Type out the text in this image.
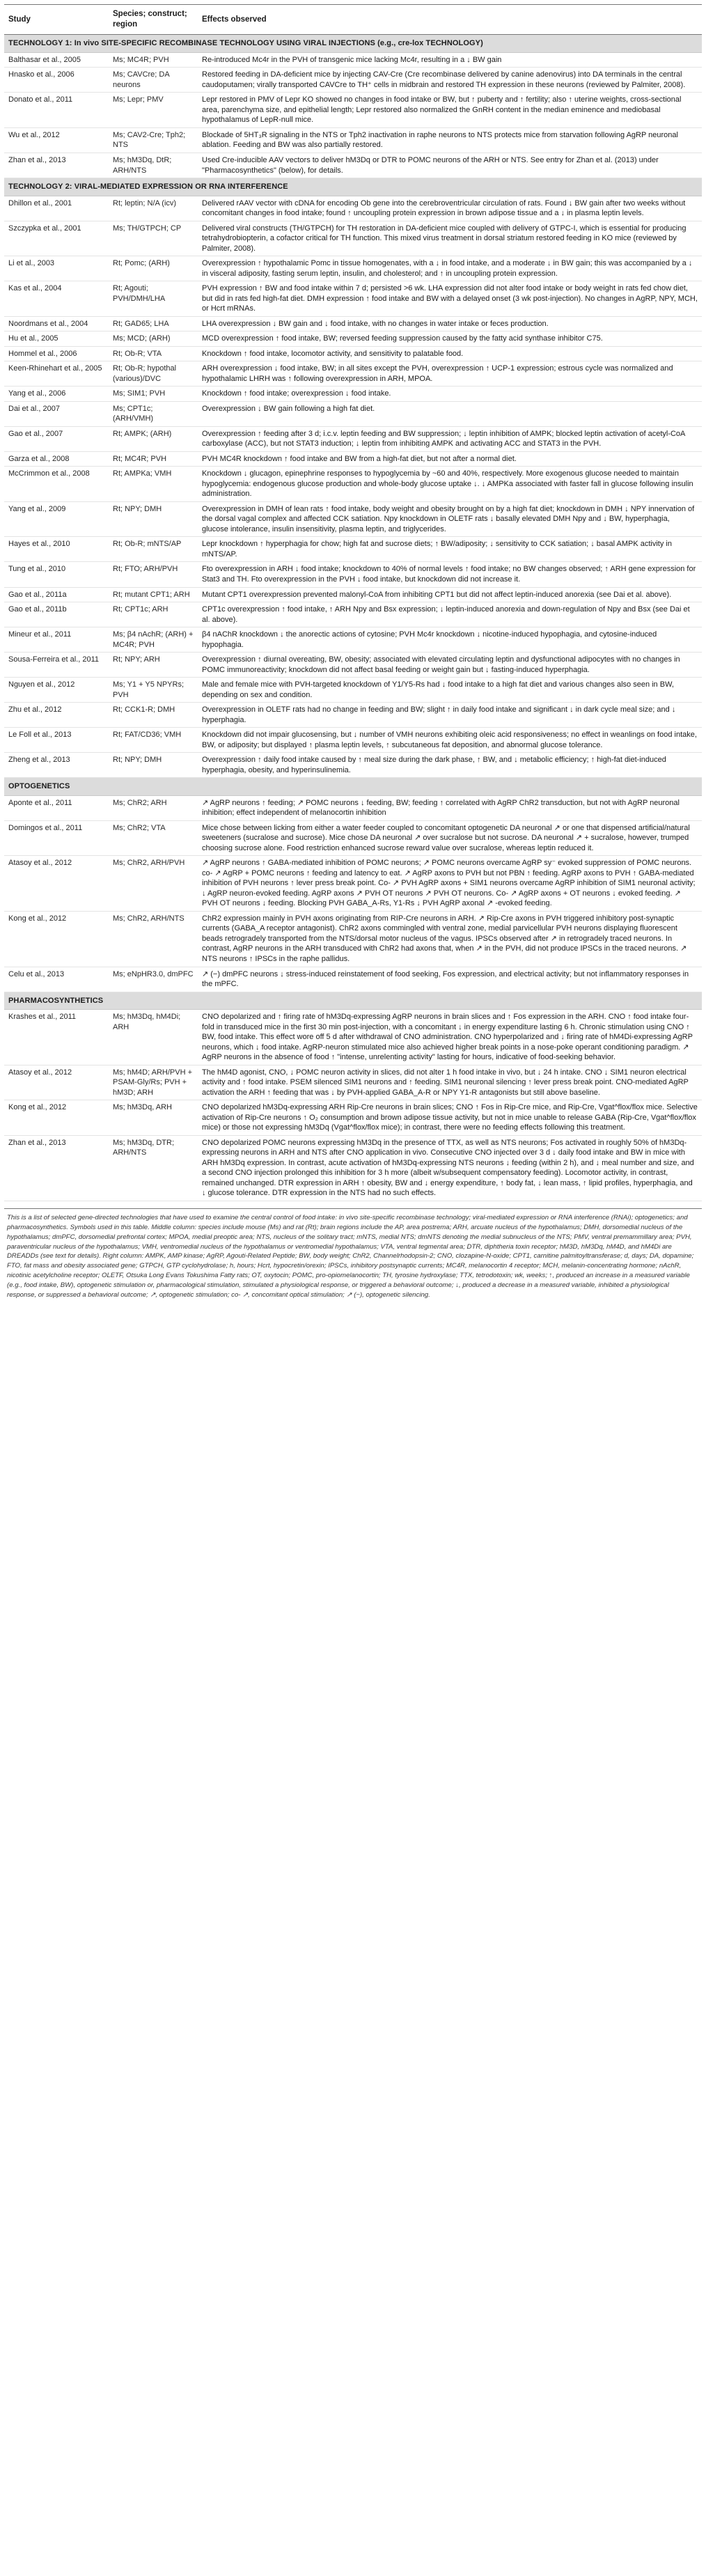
Study	Species; construct; region	Effects observed
TECHNOLOGY 1: In vivo SITE-SPECIFIC RECOMBINASE TECHNOLOGY USING VIRAL INJECTIONS (e.g., cre-lox TECHNOLOGY)		
Balthasar et al., 2005	Ms; MC4R; PVH	Re-introduced Mc4r in the PVH of transgenic mice lacking Mc4r, resulting in a ↓ BW gain
Hnasko et al., 2006	Ms; CAVCre; DA neurons	Restored feeding in DA-deficient mice by injecting CAV-Cre (Cre recombinase delivered by canine adenovirus) into DA terminals in the central caudoputamen; virally transported CAVCre to TH⁺ cells in midbrain and restored TH expression in these neurons (reviewed by Palmiter, 2008).
Donato et al., 2011	Ms; Lepr; PMV	Lepr restored in PMV of Lepr KO showed no changes in food intake or BW, but ↑ puberty and ↑ fertility; also ↑ uterine weights, cross-sectional area, parenchyma size, and epithelial length; Lepr restored also normalized the GnRH content in the median eminence and mediobasal hypothalamus of LepR-null mice.
Wu et al., 2012	Ms; CAV2-Cre; Tph2; NTS	Blockade of 5HT₃R signaling in the NTS or Tph2 inactivation in raphe neurons to NTS protects mice from starvation following AgRP neuronal ablation. Feeding and BW was also partially restored.
Zhan et al., 2013	Ms; hM3Dq, DtR; ARH/NTS	Used Cre-inducible AAV vectors to deliver hM3Dq or DTR to POMC neurons of the ARH or NTS. See entry for Zhan et al. (2013) under "Pharmacosynthetics" (below), for details.
TECHNOLOGY 2: VIRAL-MEDIATED EXPRESSION OR RNA INTERFERENCE		
Dhillon et al., 2001	Rt; leptin; N/A (icv)	Delivered rAAV vector with cDNA for encoding Ob gene into the cerebroventricular circulation of rats. Found ↓ BW gain after two weeks without concomitant changes in food intake; found ↑ uncoupling protein expression in brown adipose tissue and a ↓ in plasma leptin levels.
Szczypka et al., 2001	Ms; TH/GTPCH; CP	Delivered viral constructs (TH/GTPCH) for TH restoration in DA-deficient mice coupled with delivery of GTPC-I, which is essential for producing tetrahydrobiopterin, a cofactor critical for TH function. This mixed virus treatment in dorsal striatum restored feeding in KO mice (reviewed by Palmiter, 2008).
Li et al., 2003	Rt; Pomc; (ARH)	Overexpression ↑ hypothalamic Pomc in tissue homogenates, with a ↓ in food intake, and a moderate ↓ in BW gain; this was accompanied by a ↓ in visceral adiposity, fasting serum leptin, insulin, and cholesterol; and ↑ in uncoupling protein expression.
Kas et al., 2004	Rt; Agouti; PVH/DMH/LHA	PVH expression ↑ BW and food intake within 7 d; persisted >6 wk. LHA expression did not alter food intake or body weight in rats fed chow diet, but did in rats fed high-fat diet. DMH expression ↑ food intake and BW with a delayed onset (3 wk post-injection). No changes in AgRP, NPY, MCH, or Hcrt mRNAs.
Noordmans et al., 2004	Rt; GAD65; LHA	LHA overexpression ↓ BW gain and ↓ food intake, with no changes in water intake or feces production.
Hu et al., 2005	Ms; MCD; (ARH)	MCD overexpression ↑ food intake, BW; reversed feeding suppression caused by the fatty acid synthase inhibitor C75.
Hommel et al., 2006	Rt; Ob-R; VTA	Knockdown ↑ food intake, locomotor activity, and sensitivity to palatable food.
Keen-Rhinehart et al., 2005	Rt; Ob-R; hypothal (various)/DVC	ARH overexpression ↓ food intake, BW; in all sites except the PVH, overexpression ↑ UCP-1 expression; estrous cycle was normalized and hypothalamic LHRH was ↑ following overexpression in ARH, MPOA.
Yang et al., 2006	Ms; SIM1; PVH	Knockdown ↑ food intake; overexpression ↓ food intake.
Dai et al., 2007	Ms; CPT1c; (ARH/VMH)	Overexpression ↓ BW gain following a high fat diet.
Gao et al., 2007	Rt; AMPK; (ARH)	Overexpression ↑ feeding after 3 d; i.c.v. leptin feeding and BW suppression; ↓ leptin inhibition of AMPK; blocked leptin activation of acetyl-CoA carboxylase (ACC), but not STAT3 induction; ↓ leptin from inhibiting AMPK and activating ACC and STAT3 in the PVH.
Garza et al., 2008	Rt; MC4R; PVH	PVH MC4R knockdown ↑ food intake and BW from a high-fat diet, but not after a normal diet.
McCrimmon et al., 2008	Rt; AMPKa; VMH	Knockdown ↓ glucagon, epinephrine responses to hypoglycemia by ~60 and 40%, respectively. More exogenous glucose needed to maintain hypoglycemia: endogenous glucose production and whole-body glucose uptake ↓. ↓ AMPKa associated with faster fall in glucose following insulin administration.
Yang et al., 2009	Rt; NPY; DMH	Overexpression in DMH of lean rats ↑ food intake, body weight and obesity brought on by a high fat diet; knockdown in DMH ↓ NPY innervation of the dorsal vagal complex and affected CCK satiation. Npy knockdown in OLETF rats ↓ basally elevated DMH Npy and ↓ BW, hyperphagia, glucose intolerance, insulin insensitivity, plasma leptin, and triglycerides.
Hayes et al., 2010	Rt; Ob-R; mNTS/AP	Lepr knockdown ↑ hyperphagia for chow; high fat and sucrose diets; ↑ BW/adiposity; ↓ sensitivity to CCK satiation; ↓ basal AMPK activity in mNTS/AP.
Tung et al., 2010	Rt; FTO; ARH/PVH	Fto overexpression in ARH ↓ food intake; knockdown to 40% of normal levels ↑ food intake; no BW changes observed; ↑ ARH gene expression for Stat3 and TH. Fto overexpression in the PVH ↓ food intake, but knockdown did not increase it.
Gao et al., 2011a	Rt; mutant CPT1; ARH	Mutant CPT1 overexpression prevented malonyl-CoA from inhibiting CPT1 but did not affect leptin-induced anorexia (see Dai et al. above).
Gao et al., 2011b	Rt; CPT1c; ARH	CPT1c overexpression ↑ food intake, ↑ ARH Npy and Bsx expression; ↓ leptin-induced anorexia and down-regulation of Npy and Bsx (see Dai et al. above).
Mineur et al., 2011	Ms; β4 nAchR; (ARH) + MC4R; PVH	β4 nAChR knockdown ↓ the anorectic actions of cytosine; PVH Mc4r knockdown ↓ nicotine-induced hypophagia, and cytosine-induced hypophagia.
Sousa-Ferreira et al., 2011	Rt; NPY; ARH	Overexpression ↑ diurnal overeating, BW, obesity; associated with elevated circulating leptin and dysfunctional adipocytes with no changes in POMC immunoreactivity; knockdown did not affect basal feeding or weight gain but ↓ fasting-induced hyperphagia.
Nguyen et al., 2012	Ms; Y1 + Y5 NPYRs; PVH	Male and female mice with PVH-targeted knockdown of Y1/Y5-Rs had ↓ food intake to a high fat diet and various changes also seen in BW, depending on sex and condition.
Zhu et al., 2012	Rt; CCK1-R; DMH	Overexpression in OLETF rats had no change in feeding and BW; slight ↑ in daily food intake and significant ↓ in dark cycle meal size; and ↓ hyperphagia.
Le Foll et al., 2013	Rt; FAT/CD36; VMH	Knockdown did not impair glucosensing, but ↓ number of VMH neurons exhibiting oleic acid responsiveness; no effect in weanlings on food intake, BW, or adiposity; but displayed ↑ plasma leptin levels, ↑ subcutaneous fat deposition, and abnormal glucose tolerance.
Zheng et al., 2013	Rt; NPY; DMH	Overexpression ↑ daily food intake caused by ↑ meal size during the dark phase, ↑ BW, and ↓ metabolic efficiency; ↑ high-fat diet-induced hyperphagia, obesity, and hyperinsulinemia.
OPTOGENETICS		
Aponte et al., 2011	Ms; ChR2; ARH	↗ AgRP neurons ↑ feeding; ↗ POMC neurons ↓ feeding, BW; feeding ↑ correlated with AgRP ChR2 transduction, but not with AgRP neuronal inhibition; effect independent of melanocortin inhibition
Domingos et al., 2011	Ms; ChR2; VTA	Mice chose between licking from either a water feeder coupled to concomitant optogenetic DA neuronal ↗ or one that dispensed artificial/natural sweeteners (sucralose and sucrose). Mice chose DA neuronal ↗ over sucralose but not sucrose. DA neuronal ↗ + sucralose, however, trumped choosing sucrose alone. Food restriction enhanced sucrose reward value over sucralose, whereas leptin reduced it.
Atasoy et al., 2012	Ms; ChR2, ARH/PVH	↗ AgRP neurons ↑ GABA-mediated inhibition of POMC neurons; ↗ POMC neurons overcame AgRP sy⁻ evoked suppression of POMC neurons. co- ↗ AgRP + POMC neurons ↑ feeding and latency to eat. ↗ AgRP axons to PVH but not PBN ↑ feeding. AgRP axons to PVH ↑ GABA-mediated inhibition of PVH neurons ↑ lever press break point. Co- ↗ PVH AgRP axons + SIM1 neurons overcame AgRP inhibition of SIM1 neuronal activity; ↓ AgRP neuron-evoked feeding. AgRP axons ↗ PVH OT neurons ↗ PVH OT neurons. Co- ↗ AgRP axons + OT neurons ↓ evoked feeding. ↗ PVH OT neurons ↓ feeding. Blocking PVH GABA_A-Rs, Y1-Rs ↓ PVH AgRP axonal ↗ -evoked feeding.
Kong et al., 2012	Ms; ChR2, ARH/NTS	ChR2 expression mainly in PVH axons originating from RIP-Cre neurons in ARH. ↗ Rip-Cre axons in PVH triggered inhibitory post-synaptic currents (GABA_A receptor antagonist). ChR2 axons commingled with ventral zone, medial parvicellular PVH neurons displaying fluorescent beads retrogradely transported from the NTS/dorsal motor nucleus of the vagus. IPSCs observed after ↗ in retrogradely traced neurons. In contrast, AgRP neurons in the ARH transduced with ChR2 had axons that, when ↗ in the PVH, did not produce IPSCs in the traced neurons. ↗ NTS neurons ↑ IPSCs in the raphe pallidus.
Celu et al., 2013	Ms; eNpHR3.0, dmPFC	↗ (−) dmPFC neurons ↓ stress-induced reinstatement of food seeking, Fos expression, and electrical activity; but not inflammatory responses in the mPFC.
PHARMACOSYNTHETICS		
Krashes et al., 2011	Ms; hM3Dq, hM4Di; ARH	CNO depolarized and ↑ firing rate of hM3Dq-expressing AgRP neurons in brain slices and ↑ Fos expression in the ARH. CNO ↑ food intake four-fold in transduced mice in the first 30 min post-injection, with a concomitant ↓ in energy expenditure lasting 6 h. Chronic stimulation using CNO ↑ BW, food intake. This effect wore off 5 d after withdrawal of CNO administration. CNO hyperpolarized and ↓ firing rate of hM4Di-expressing AgRP neurons, which ↓ food intake. AgRP-neuron stimulated mice also achieved higher break points in a nose-poke operant conditioning paradigm. ↗ AgRP neurons in the absence of food ↑ "intense, unrelenting activity" lasting for hours, indicative of food-seeking behavior.
Atasoy et al., 2012	Ms; hM4D; ARH/PVH + PSAM-Gly/Rs; PVH + hM3D; ARH	The hM4D agonist, CNO, ↓ POMC neuron activity in slices, did not alter 1 h food intake in vivo, but ↓ 24 h intake. CNO ↓ SIM1 neuron electrical activity and ↑ food intake. PSEM silenced SIM1 neurons and ↑ feeding. SIM1 neuronal silencing ↑ lever press break point. CNO-mediated AgRP activation the ARH ↑ feeding that was ↓ by PVH-applied GABA_A-R or NPY Y1-R antagonists but still above baseline.
Kong et al., 2012	Ms; hM3Dq, ARH	CNO depolarized hM3Dq-expressing ARH Rip-Cre neurons in brain slices; CNO ↑ Fos in Rip-Cre mice, and Rip-Cre, Vgat^flox/flox mice. Selective activation of Rip-Cre neurons ↑ O₂ consumption and brown adipose tissue activity, but not in mice unable to release GABA (Rip-Cre, Vgat^flox/flox mice) or those not expressing hM3Dq (Vgat^flox/flox mice); in contrast, there were no feeding effects following this treatment.
Zhan et al., 2013	Ms; hM3Dq, DTR; ARH/NTS	CNO depolarized POMC neurons expressing hM3Dq in the presence of TTX, as well as NTS neurons; Fos activated in roughly 50% of hM3Dq-expressing neurons in ARH and NTS after CNO application in vivo. Consecutive CNO injected over 3 d ↓ daily food intake and BW in mice with ARH hM3Dq expression. In contrast, acute activation of hM3Dq-expressing NTS neurons ↓ feeding (within 2 h), and ↓ meal number and size, and a second CNO injection prolonged this inhibition for 3 h more (albeit w/subsequent compensatory feeding). Locomotor activity, in contrast, remained unchanged. DTR expression in ARH ↑ obesity, BW and ↓ energy expenditure, ↑ body fat, ↓ lean mass, ↑ lipid profiles, hyperphagia, and ↓ glucose tolerance. DTR expression in the NTS had no such effects.
This is a list of selected gene-directed technologies that have used to examine the central control of food intake: in vivo site-specific recombinase technology; viral-mediated expression or RNA interference (RNAi); optogenetics; and pharmacosynthetics. Symbols used in this table. Middle column: species include mouse (Ms) and rat (Rt); brain regions include the AP, area postrema; ARH, arcuate nucleus of the hypothalamus; DMH, dorsomedial nucleus of the hypothalamus; dmPFC, dorsomedial prefrontal cortex; MPOA, medial preoptic area; NTS, nucleus of the solitary tract; mNTS, medial NTS; dmNTS denoting the medial subnucleus of the NTS; PMV, ventral premammillary area; PVH, paraventricular nucleus of the hypothalamus; VMH, ventromedial nucleus of the hypothalamus or ventromedial hypothalamus; VTA, ventral tegmental area; DTR, diphtheria toxin receptor; hM3D, hM3Dq, hM4D, and hM4Di are DREADDs (see text for details). Right column: AMPK, AMP kinase; AgRP, Agouti-Related Peptide; BW, body weight; ChR2, Channelrhodopsin-2; CNO, clozapine-N-oxide; CPT1, carnitine palmitoyltransferase; d, days; DA, dopamine; FTO, fat mass and obesity associated gene; GTPCH, GTP cyclohydrolase; h, hours; Hcrt, hypocretin/orexin; IPSCs, inhibitory postsynaptic currents; MC4R, melanocortin 4 receptor; MCH, melanin-concentrating hormone; nAchR, nicotinic acetylcholine receptor; OLETF, Otsuka Long Evans Tokushima Fatty rats; OT, oxytocin; POMC, pro-opiomelanocortin; TH, tyrosine hydroxylase; TTX, tetrodotoxin; wk, weeks; ↑, produced an increase in a measured variable (e.g., food intake, BW), optogenetic stimulation or, pharmacological stimulation, stimulated a physiological response, or triggered a behavioral outcome; ↓, produced a decrease in a measured variable, inhibited a physiological response, or suppressed a behavioral outcome; ↗, optogenetic stimulation; co- ↗, concomitant optical stimulation; ↗ (−), optogenetic silencing.
